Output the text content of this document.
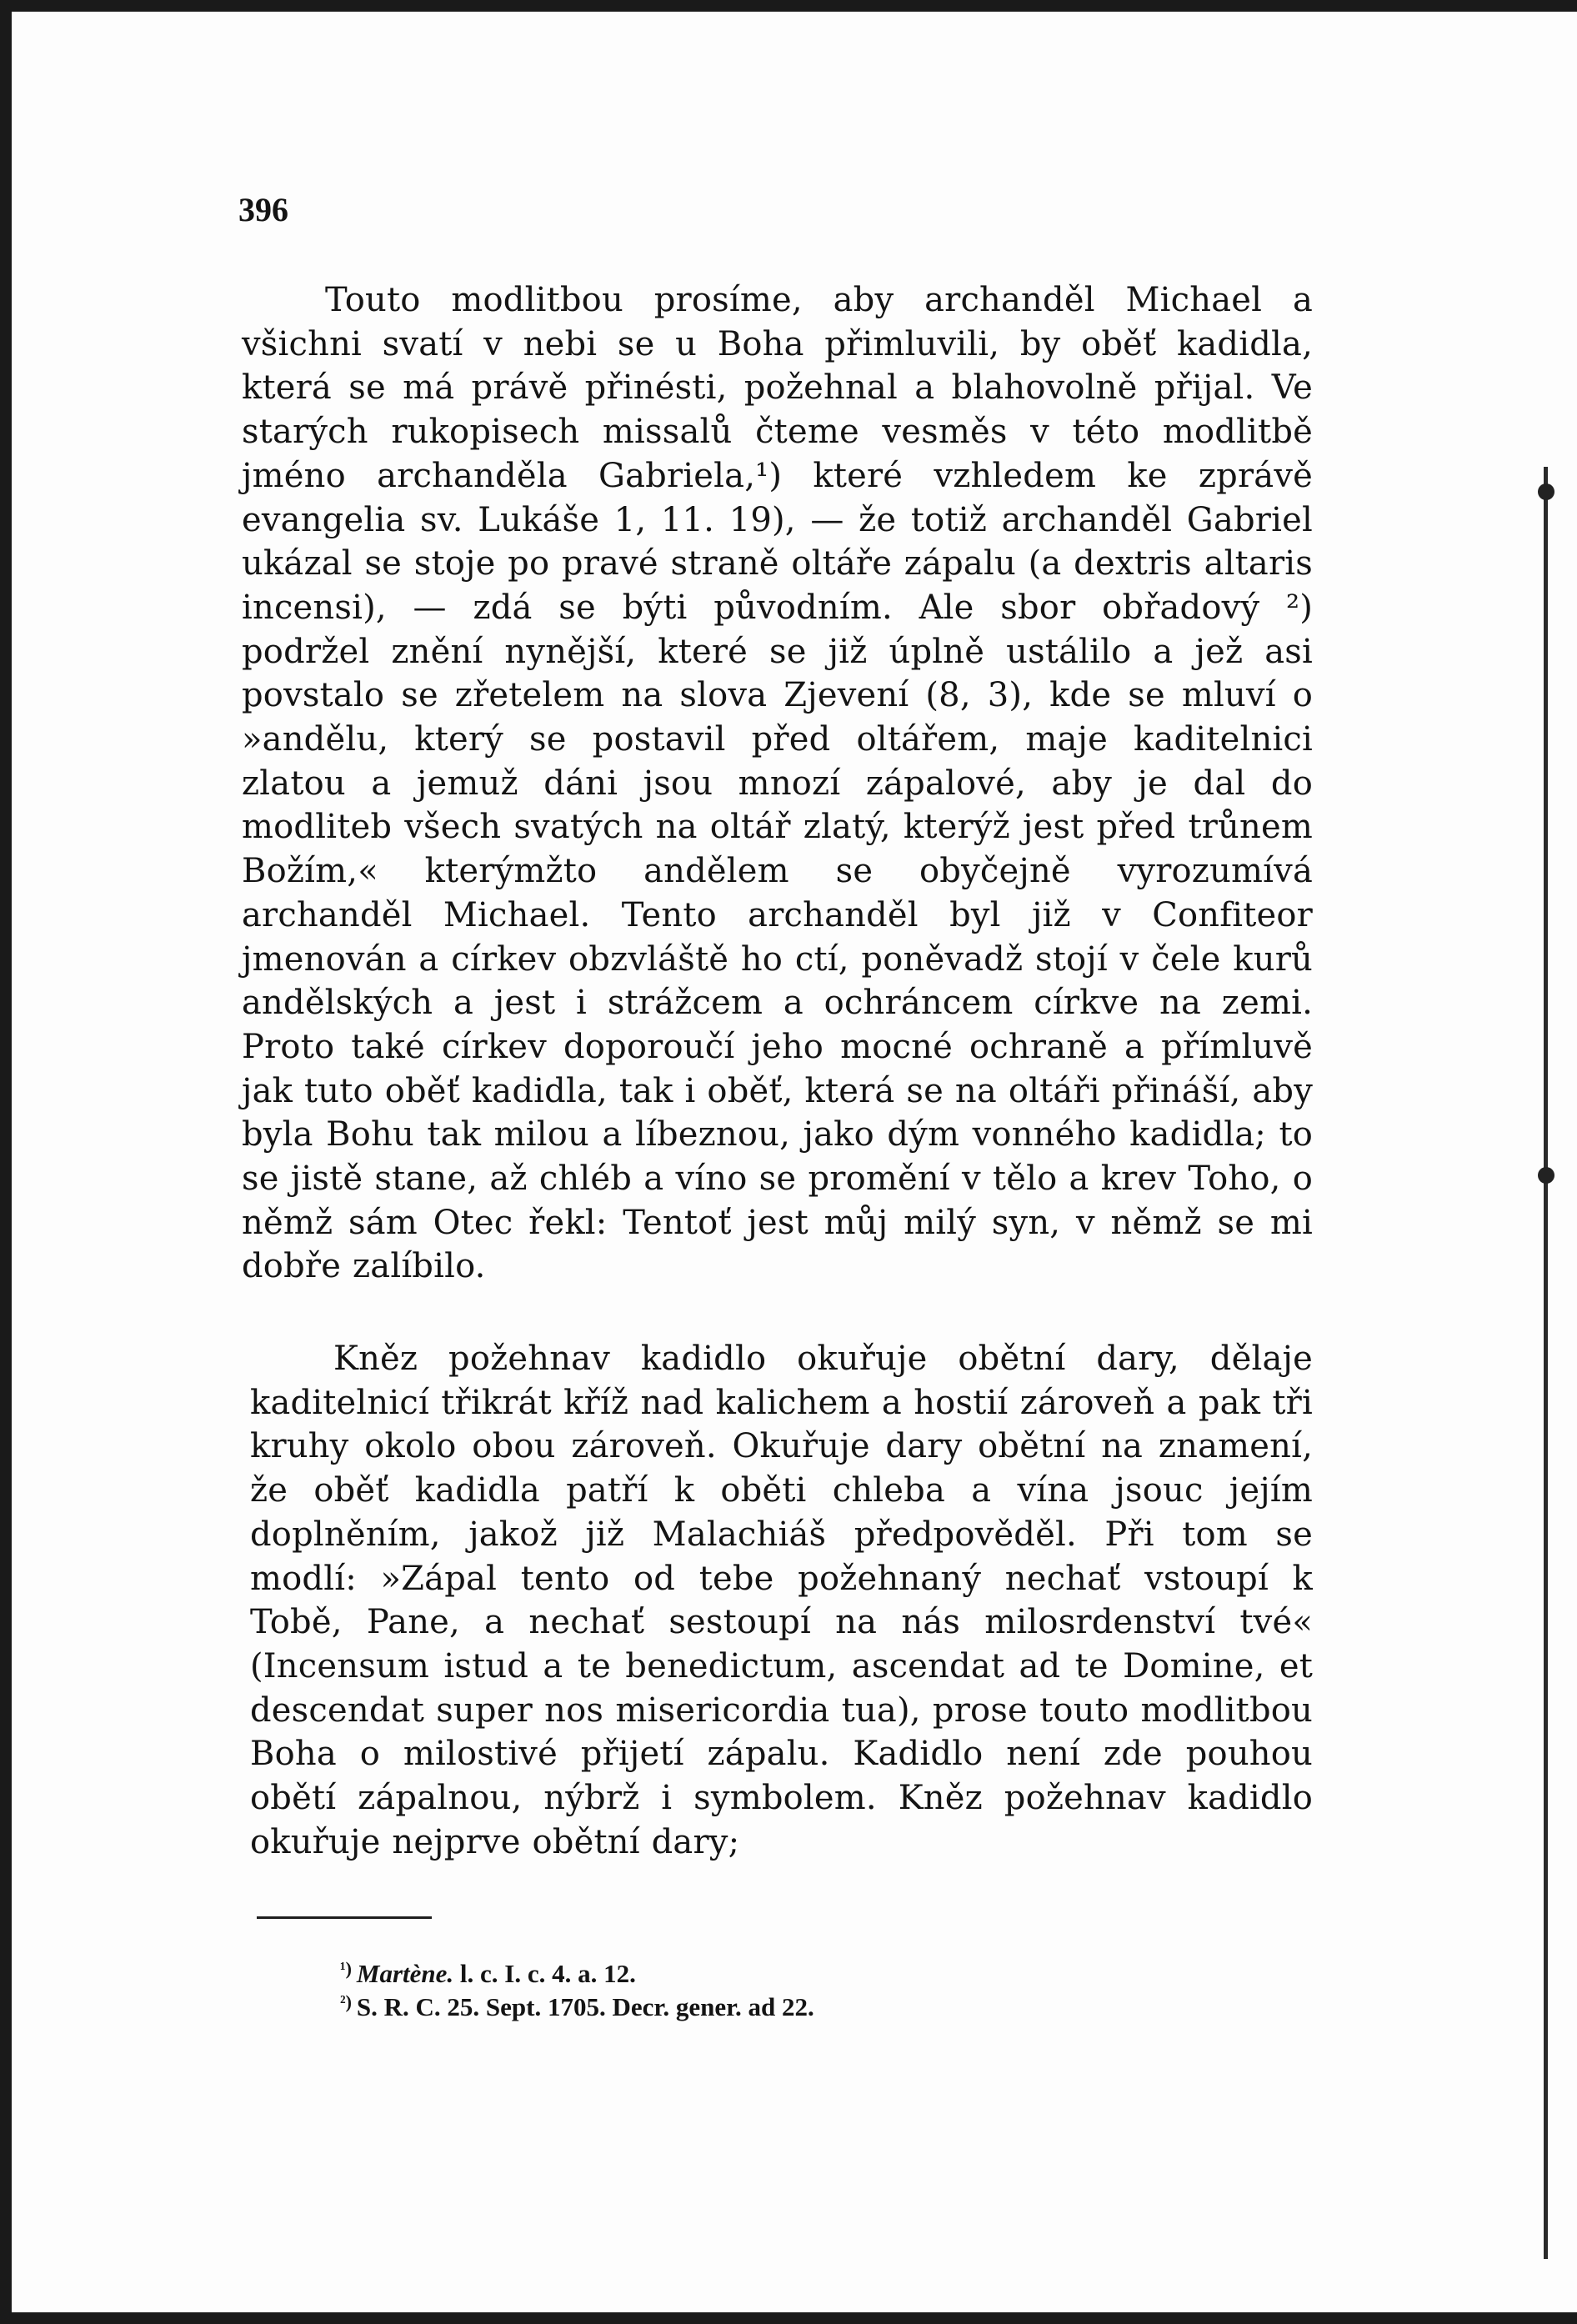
396

Touto modlitbou prosíme, aby archanděl Michael a všichni svatí v nebi se u Boha přimluvili, by oběť kadidla, která se má právě přinésti, požehnal a blahovolně přijal. Ve starých rukopisech missalů čteme vesměs v této modlitbě jméno archanděla Gabriela,¹) které vzhledem ke zprávě evangelia sv. Lukáše 1, 11. 19), — že totiž archanděl Gabriel ukázal se stoje po pravé straně oltáře zápalu (a dextris altaris incensi), — zdá se býti původním. Ale sbor obřadový ²) podržel znění nynější, které se již úplně ustálilo a jež asi povstalo se zřetelem na slova Zjevení (8, 3), kde se mluví o »andělu, který se postavil před oltářem, maje kaditelnici zlatou a jemuž dáni jsou mnozí zápalové, aby je dal do modliteb všech svatých na oltář zlatý, kterýž jest před trůnem Božím,« kterýmžto andělem se obyčejně vyrozumívá archanděl Michael. Tento archanděl byl již v Confiteor jmenován a církev obzvláště ho ctí, poněvadž stojí v čele kurů andělských a jest i strážcem a ochráncem církve na zemi. Proto také církev doporoučí jeho mocné ochraně a přímluvě jak tuto oběť kadidla, tak i oběť, která se na oltáři přináší, aby byla Bohu tak milou a líbeznou, jako dým vonného kadidla; to se jistě stane, až chléb a víno se promění v tělo a krev Toho, o němž sám Otec řekl: Tentoť jest můj milý syn, v němž se mi dobře zalíbilo.

Kněz požehnav kadidlo okuřuje obětní dary, dělaje kaditelnicí třikrát kříž nad kalichem a hostií zároveň a pak tři kruhy okolo obou zároveň. Okuřuje dary obětní na znamení, že oběť kadidla patří k oběti chleba a vína jsouc jejím doplněním, jakož již Malachiáš předpověděl. Při tom se modlí: »Zápal tento od tebe požehnaný nechať vstoupí k Tobě, Pane, a nechať sestoupí na nás milosrdenství tvé« (Incensum istud a te benedictum, ascendat ad te Domine, et descendat super nos misericordia tua), prose touto modlitbou Boha o milostivé přijetí zápalu. Kadidlo není zde pouhou obětí zápalnou, nýbrž i symbolem. Kněz požehnav kadidlo okuřuje nejprve obětní dary;

$^{^1)}$ Martène. l. c. I. c. 4. a. 12.

$^{^2)}$ S. R. C. 25. Sept. 1705. Decr. gener. ad 22.
